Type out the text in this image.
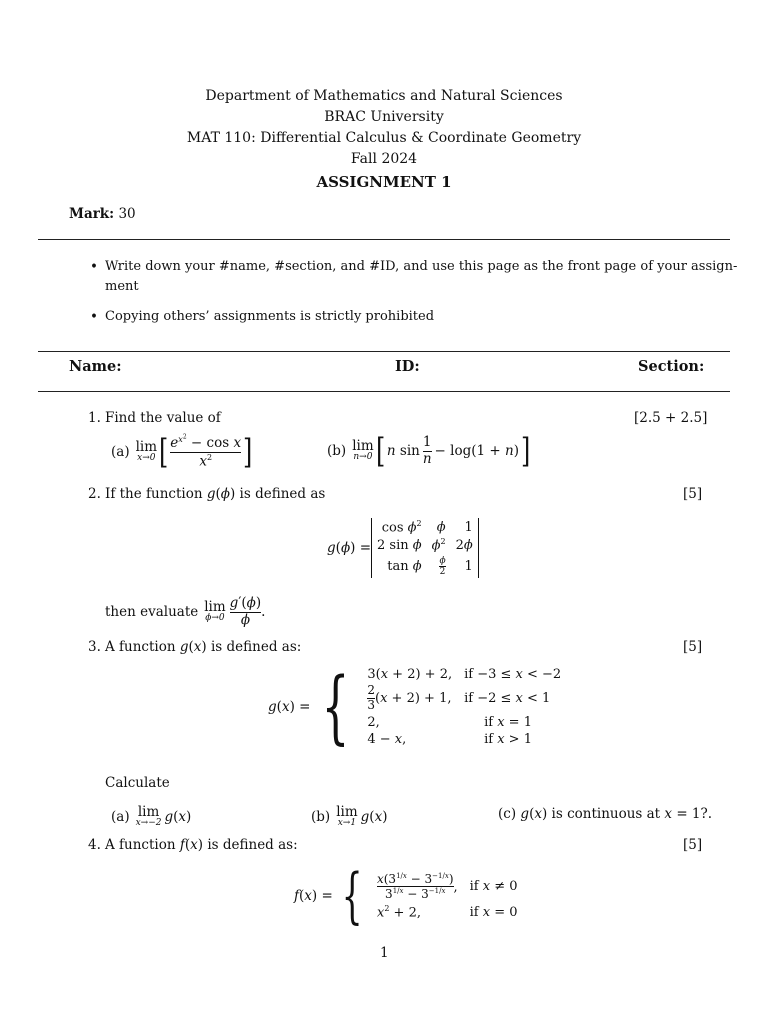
Department of Mathematics and Natural Sciences
BRAC University
MAT 110: Differential Calculus & Coordinate Geometry
Fall 2024
ASSIGNMENT 1
Mark: 30
• Write down your #name, #section, and #ID, and use this page as the front page of your assign-
ment
• Copying others’ assignments is strictly prohibited
Name:	ID:	Section:
1. Find the value of	[2.5 + 2.5]
(a) lim
x→0 [ $\frac{e^{x^2} - \cos x}{x^2}$ ]	(b) lim
n→0 [ n $\sin \frac{1}{n} - \log(1 + n)$ ]
2. If the function g(ϕ) is defined as	[5]
g(ϕ) =
$\cos \phi^2$	ϕ	1
2 sin ϕ	$\phi^2$	2ϕ
tan ϕ	$\frac{\phi}{2}$	1
then evaluate lim
$\phi\to 0 \frac{g'(\phi)}{\phi}$ .
3. A function g(x) is defined as:	[5]
g(x) = { 3(x + 2) + 2,	if −3 ≤ x < −2

$\frac{2}{3} (x + 2) + 1$,	if −2 ≤ x < 1
2,	if x = 1
4 − x,	if x > 1
Calculate
(a) lim
x→−2 g(x)	(b) lim
x→1 g(x)	(c) g(x) is continuous at x = 1?.
4. A function f(x) is defined as:	[5]
f(x) = { $\frac{x(3^{1/x} - 3^{-1/x})}{3^{1/x} - 3^{-1/x}}$ ,	if x ≠ 0
$x^2 + 2$,	if x = 0
1
